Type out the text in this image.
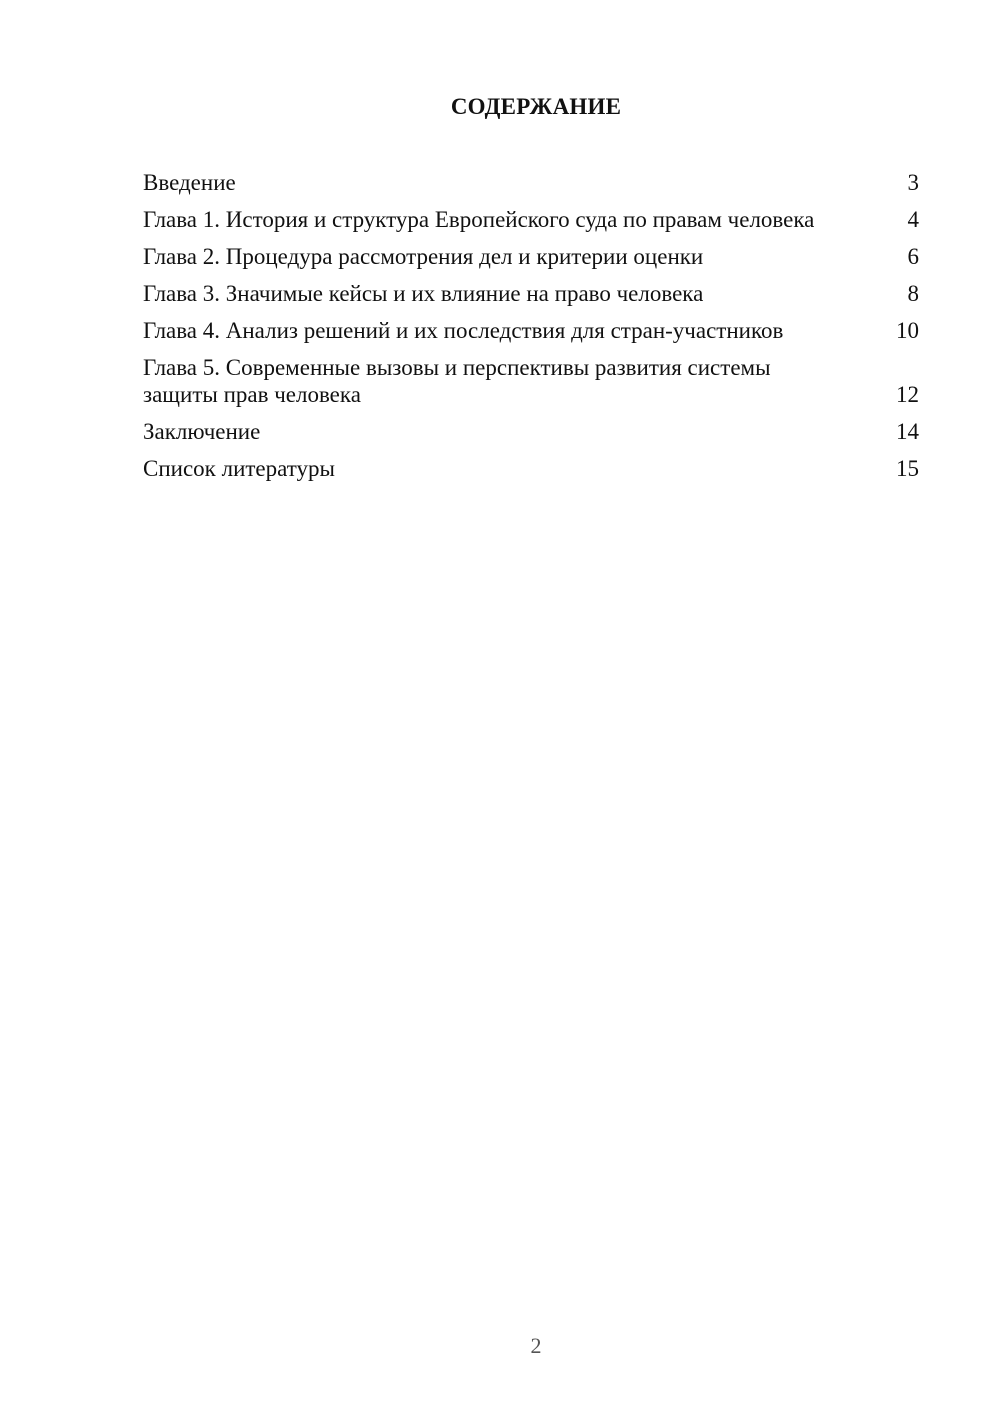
СОДЕРЖАНИЕ
Введение	3
Глава 1. История и структура Европейского суда по правам человека	4
Глава 2. Процедура рассмотрения дел и критерии оценки	6
Глава 3. Значимые кейсы и их влияние на право человека	8
Глава 4. Анализ решений и их последствия для стран-участников	10
Глава 5. Современные вызовы и перспективы развития системы защиты прав человека	12
Заключение	14
Список литературы	15
2
